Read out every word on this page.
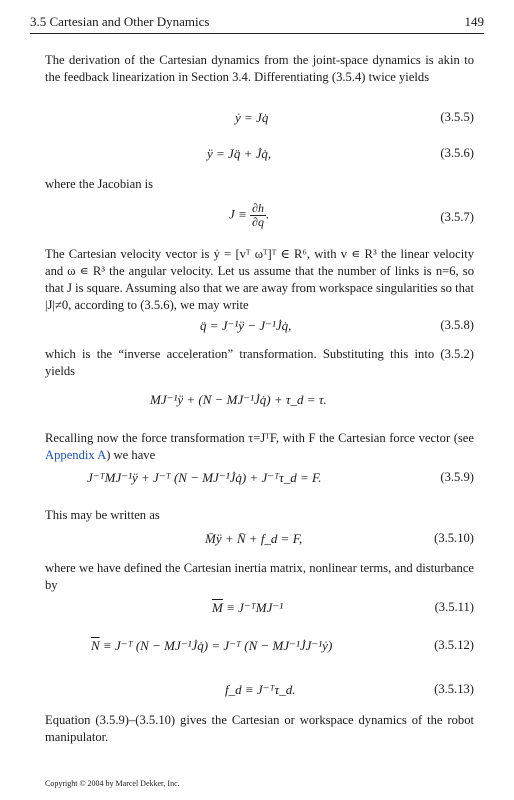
3.5 Cartesian and Other Dynamics	149
The derivation of the Cartesian dynamics from the joint-space dynamics is akin to the feedback linearization in Section 3.4. Differentiating (3.5.4) twice yields
ẏ = Jq̇	(3.5.5)
ÿ = Jq̈ + J̇q̇,	(3.5.6)
where the Jacobian is
$J \equiv \frac{\partial h}{\partial q}$ .	(3.5.7)
The Cartesian velocity vector is ẏ = [vᵀ ωᵀ]ᵀ ∈ R⁶, with v ∊ R³ the linear velocity and ω ∊ R³ the angular velocity. Let us assume that the number of links is n=6, so that J is square. Assuming also that we are away from workspace singularities so that |J|≠0, according to (3.5.6), we may write
q̈ = J⁻¹ÿ − J⁻¹J̇q̇,	(3.5.8)
which is the “inverse acceleration” transformation. Substituting this into (3.5.2) yields
MJ⁻¹ÿ + (N − MJ⁻¹J̇q̇) + τ_d = τ.
Recalling now the force transformation τ=JᵀF, with F the Cartesian force vector (see Appendix A) we have
J⁻ᵀMJ⁻¹ÿ + J⁻ᵀ (N − MJ⁻¹J̇q̇) + J⁻ᵀτ_d = F.	(3.5.9)
This may be written as
M̄ÿ + N̄ + f_d = F,	(3.5.10)
where we have defined the Cartesian inertia matrix, nonlinear terms, and disturbance by
$\overline{M}$ ≡ J⁻ᵀMJ⁻¹	(3.5.11)
$\overline{N}$ ≡ J⁻ᵀ (N − MJ⁻¹J̇q̇) = J⁻ᵀ (N − MJ⁻¹J̇J⁻¹ẏ)	(3.5.12)
f_d ≡ J⁻ᵀτ_d.	(3.5.13)
Equation (3.5.9)–(3.5.10) gives the Cartesian or workspace dynamics of the robot manipulator.
Copyright © 2004 by Marcel Dekker, Inc.
